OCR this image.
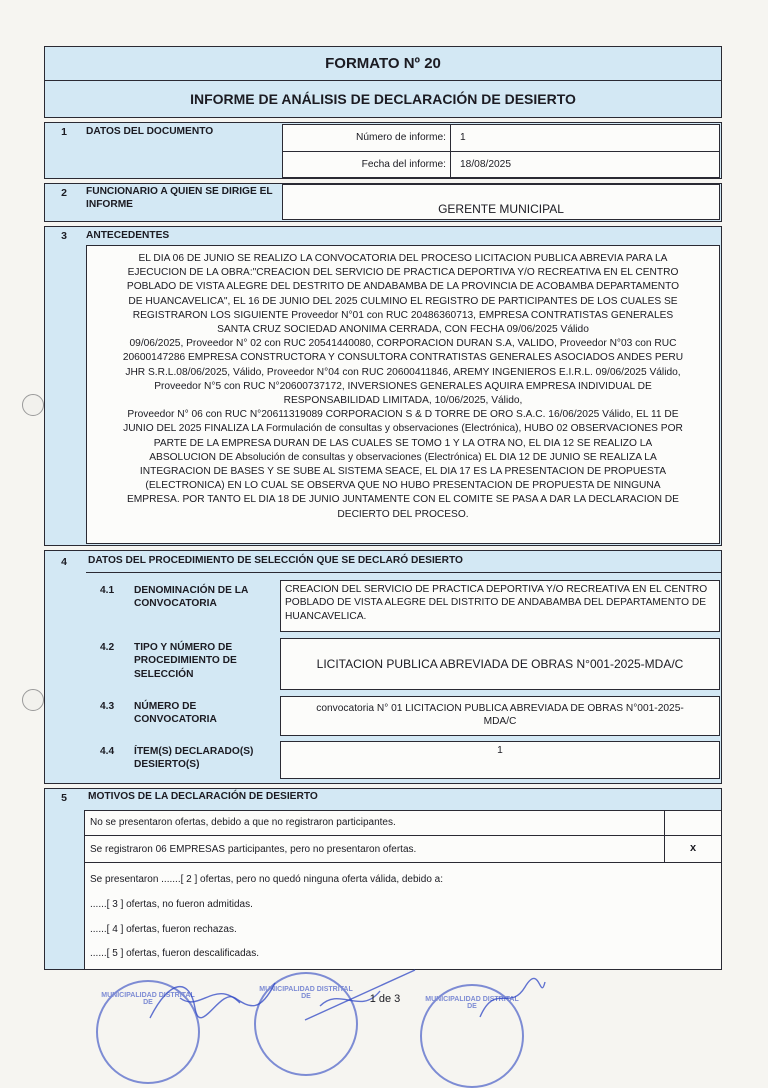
FORMATO Nº 20
INFORME DE ANÁLISIS DE DECLARACIÓN DE DESIERTO
1	DATOS DEL DOCUMENTO
Número de informe: 1
Fecha del informe: 18/08/2025
2	FUNCIONARIO A QUIEN SE DIRIGE EL INFORME	GERENTE MUNICIPAL
3	ANTECEDENTES
EL DIA 06 DE JUNIO SE REALIZO LA CONVOCATORIA DEL PROCESO LICITACION PUBLICA ABREVIA PARA LA
EJECUCION DE LA OBRA:"CREACION DEL SERVICIO DE PRACTICA DEPORTIVA Y/O RECREATIVA EN EL CENTRO
POBLADO DE VISTA ALEGRE DEL DESTRITO DE ANDABAMBA DE LA PROVINCIA DE ACOBAMBA DEPARTAMENTO
DE HUANCAVELICA", EL 16 DE JUNIO DEL 2025 CULMINO EL REGISTRO DE PARTICIPANTES DE LOS CUALES SE
REGISTRARON LOS SIGUIENTE Proveedor N°01 con RUC 20486360713, EMPRESA CONTRATISTAS GENERALES
SANTA CRUZ SOCIEDAD ANONIMA CERRADA, CON FECHA 09/06/2025 Válido
09/06/2025, Proveedor N° 02 con RUC 20541440080, CORPORACION DURAN S.A, VALIDO, Proveedor N°03 con RUC
20600147286 EMPRESA CONSTRUCTORA Y CONSULTORA CONTRATISTAS GENERALES ASOCIADOS ANDES PERU
JHR S.R.L.08/06/2025, Válido, Proveedor N°04 con RUC 20600411846, AREMY INGENIEROS E.I.R.L. 09/06/2025 Válido,
Proveedor N°5 con RUC N°20600737172, INVERSIONES GENERALES AQUIRA EMPRESA INDIVIDUAL DE
RESPONSABILIDAD LIMITADA, 10/06/2025, Válido,
Proveedor N° 06 con RUC N°20611319089 CORPORACION S & D TORRE DE ORO S.A.C. 16/06/2025 Válido, EL 11 DE
JUNIO DEL 2025 FINALIZA LA Formulación de consultas y observaciones (Electrónica), HUBO 02 OBSERVACIONES POR
PARTE DE LA EMPRESA DURAN DE LAS CUALES SE TOMO 1 Y LA OTRA NO, EL DIA 12 SE REALIZO LA
ABSOLUCION DE Absolución de consultas y observaciones (Electrónica) EL DIA 12 DE JUNIO SE REALIZA LA
INTEGRACION DE BASES Y SE SUBE AL SISTEMA SEACE, EL DIA 17 ES LA PRESENTACION DE PROPUESTA
(ELECTRONICA) EN LO CUAL SE OBSERVA QUE NO HUBO PRESENTACION DE PROPUESTA DE NINGUNA
EMPRESA. POR TANTO EL DIA 18 DE JUNIO JUNTAMENTE CON EL COMITE SE PASA A DAR LA DECLARACION DE
DECIERTO DEL PROCESO.
4	DATOS DEL PROCEDIMIENTO DE SELECCIÓN QUE SE DECLARÓ DESIERTO
4.1 DENOMINACIÓN DE LA CONVOCATORIA
CREACION DEL SERVICIO DE PRACTICA DEPORTIVA Y/O RECREATIVA EN EL CENTRO POBLADO DE VISTA ALEGRE DEL DISTRITO DE ANDABAMBA DEL DEPARTAMENTO DE HUANCAVELICA.
4.2 TIPO Y NÚMERO DE PROCEDIMIENTO DE SELECCIÓN
LICITACION PUBLICA ABREVIADA DE OBRAS N°001-2025-MDA/C
4.3 NÚMERO DE CONVOCATORIA
convocatoria N° 01 LICITACION PUBLICA ABREVIADA DE OBRAS N°001-2025-MDA/C
4.4 ÍTEM(S) DECLARADO(S) DESIERTO(S)
1
5	MOTIVOS DE LA DECLARACIÓN DE DESIERTO
No se presentaron ofertas, debido a que no registraron participantes.
Se registraron 06 EMPRESAS participantes, pero no presentaron ofertas.	x
Se presentaron .......[ 2 ] ofertas, pero no quedó ninguna oferta válida, debido a:
......[ 3 ] ofertas, no fueron admitidas.
......[ 4 ] ofertas, fueron rechazas.
......[ 5 ] ofertas, fueron descalificadas.
MUNICIPALIDAD DISTRITAL DE
MUNICIPALIDAD DISTRITAL DE	MUNICIPALIDAD DISTRITAL DE
1 de 3
